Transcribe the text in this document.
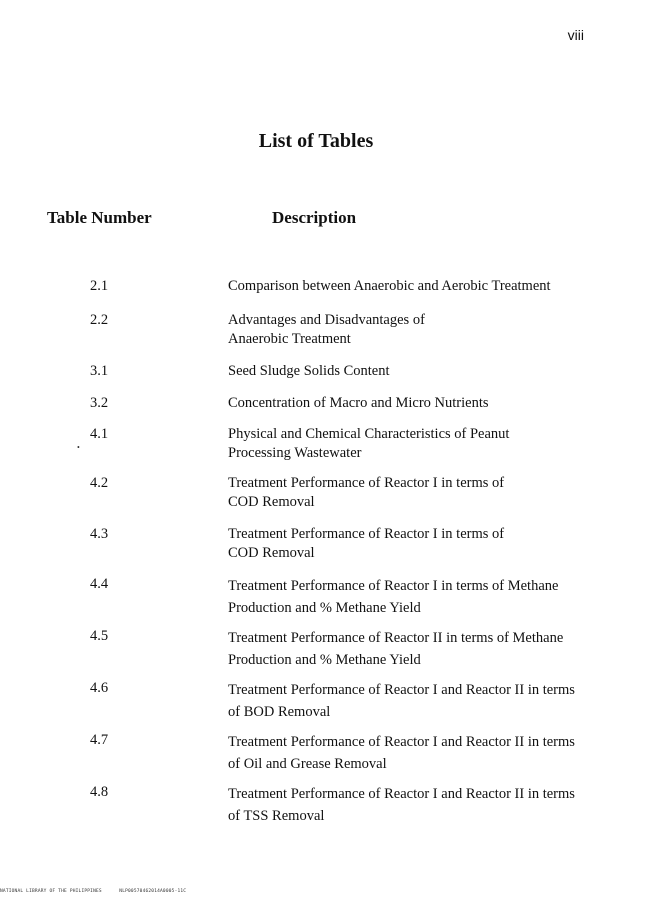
viii
List of Tables
Table Number	Description
2.1	Comparison between Anaerobic and Aerobic Treatment
2.2	Advantages and Disadvantages of
Anaerobic Treatment
3.1	Seed Sludge Solids Content
3.2	Concentration of Macro and Micro Nutrients
4.1	Physical and Chemical Characteristics of Peanut
Processing Wastewater
4.2	Treatment Performance of Reactor I in terms of
COD Removal
4.3	Treatment Performance of Reactor I in terms of
COD Removal
4.4	Treatment Performance of Reactor I in terms of Methane
Production and % Methane Yield
4.5	Treatment Performance of Reactor II in terms of Methane
Production and % Methane Yield
4.6	Treatment Performance of Reactor I and Reactor II in terms
of BOD Removal
4.7	Treatment Performance of Reactor I and Reactor II in terms
of Oil and Grease Removal
4.8	Treatment Performance of Reactor I and Reactor II in terms
of TSS Removal
•
NATIONAL LIBRARY OF THE PHILIPPINES	NLP00570462014A0005-11C
